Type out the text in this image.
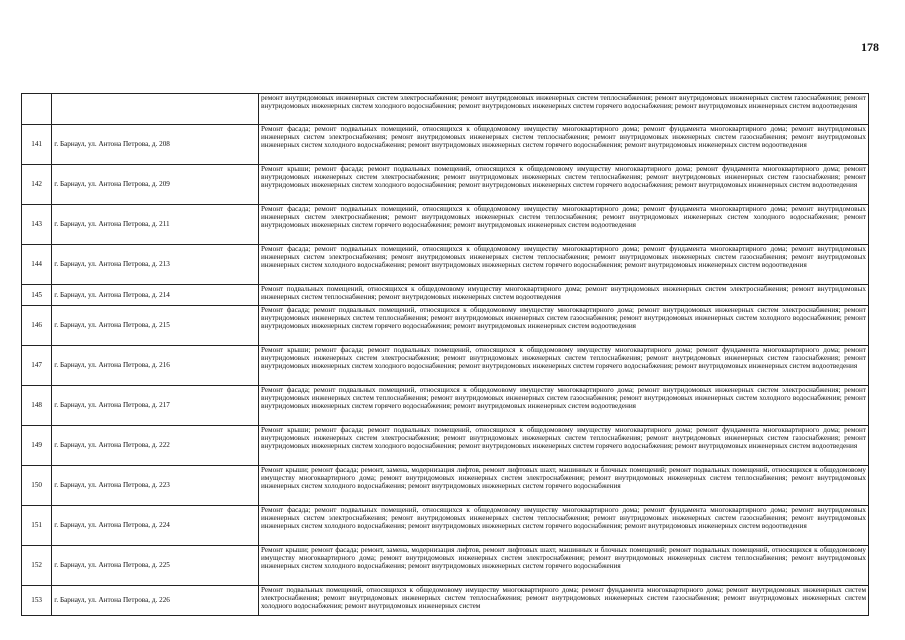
178
		ремонт внутридомовых инженерных систем электроснабжения; ремонт внутридомовых инженерных систем теплоснабжения; ремонт внутридомовых инженерных систем газоснабжения; ремонт внутридомовых инженерных систем холодного водоснабжения; ремонт внутридомовых инженерных систем горячего водоснабжения; ремонт внутридомовых инженерных систем водоотведения
141	г. Барнаул, ул. Антона Петрова, д. 208	Ремонт фасада; ремонт подвальных помещений, относящихся к общедомовому имуществу многоквартирного дома; ремонт фундамента многоквартирного дома; ремонт внутридомовых инженерных систем электроснабжения; ремонт внутридомовых инженерных систем теплоснабжения; ремонт внутридомовых инженерных систем газоснабжения; ремонт внутридомовых инженерных систем холодного водоснабжения; ремонт внутридомовых инженерных систем горячего водоснабжения; ремонт внутридомовых инженерных систем водоотведения
142	г. Барнаул, ул. Антона Петрова, д. 209	Ремонт крыши; ремонт фасада; ремонт подвальных помещений, относящихся к общедомовому имуществу многоквартирного дома; ремонт фундамента многоквартирного дома; ремонт внутридомовых инженерных систем электроснабжения; ремонт внутридомовых инженерных систем теплоснабжения; ремонт внутридомовых инженерных систем газоснабжения; ремонт внутридомовых инженерных систем холодного водоснабжения; ремонт внутридомовых инженерных систем горячего водоснабжения; ремонт внутридомовых инженерных систем водоотведения
143	г. Барнаул, ул. Антона Петрова, д. 211	Ремонт фасада; ремонт подвальных помещений, относящихся к общедомовому имуществу многоквартирного дома; ремонт фундамента многоквартирного дома; ремонт внутридомовых инженерных систем электроснабжения; ремонт внутридомовых инженерных систем теплоснабжения; ремонт внутридомовых инженерных систем холодного водоснабжения; ремонт внутридомовых инженерных систем горячего водоснабжения; ремонт внутридомовых инженерных систем водоотведения
144	г. Барнаул, ул. Антона Петрова, д. 213	Ремонт фасада; ремонт подвальных помещений, относящихся к общедомовому имуществу многоквартирного дома; ремонт фундамента многоквартирного дома; ремонт внутридомовых инженерных систем электроснабжения; ремонт внутридомовых инженерных систем теплоснабжения; ремонт внутридомовых инженерных систем газоснабжения; ремонт внутридомовых инженерных систем холодного водоснабжения; ремонт внутридомовых инженерных систем горячего водоснабжения; ремонт внутридомовых инженерных систем водоотведения
145	г. Барнаул, ул. Антона Петрова, д. 214	Ремонт подвальных помещений, относящихся к общедомовому имуществу многоквартирного дома; ремонт внутридомовых инженерных систем электроснабжения; ремонт внутридомовых инженерных систем теплоснабжения; ремонт внутридомовых инженерных систем водоотведения
146	г. Барнаул, ул. Антона Петрова, д. 215	Ремонт фасада; ремонт подвальных помещений, относящихся к общедомовому имуществу многоквартирного дома; ремонт внутридомовых инженерных систем электроснабжения; ремонт внутридомовых инженерных систем теплоснабжения; ремонт внутридомовых инженерных систем газоснабжения; ремонт внутридомовых инженерных систем холодного водоснабжения; ремонт внутридомовых инженерных систем горячего водоснабжения; ремонт внутридомовых инженерных систем водоотведения
147	г. Барнаул, ул. Антона Петрова, д. 216	Ремонт крыши; ремонт фасада; ремонт подвальных помещений, относящихся к общедомовому имуществу многоквартирного дома; ремонт фундамента многоквартирного дома; ремонт внутридомовых инженерных систем электроснабжения; ремонт внутридомовых инженерных систем теплоснабжения; ремонт внутридомовых инженерных систем газоснабжения; ремонт внутридомовых инженерных систем холодного водоснабжения; ремонт внутридомовых инженерных систем горячего водоснабжения; ремонт внутридомовых инженерных систем водоотведения
148	г. Барнаул, ул. Антона Петрова, д. 217	Ремонт фасада; ремонт подвальных помещений, относящихся к общедомовому имуществу многоквартирного дома; ремонт внутридомовых инженерных систем электроснабжения; ремонт внутридомовых инженерных систем теплоснабжения; ремонт внутридомовых инженерных систем газоснабжения; ремонт внутридомовых инженерных систем холодного водоснабжения; ремонт внутридомовых инженерных систем горячего водоснабжения; ремонт внутридомовых инженерных систем водоотведения
149	г. Барнаул, ул. Антона Петрова, д. 222	Ремонт крыши; ремонт фасада; ремонт подвальных помещений, относящихся к общедомовому имуществу многоквартирного дома; ремонт фундамента многоквартирного дома; ремонт внутридомовых инженерных систем электроснабжения; ремонт внутридомовых инженерных систем теплоснабжения; ремонт внутридомовых инженерных систем газоснабжения; ремонт внутридомовых инженерных систем холодного водоснабжения; ремонт внутридомовых инженерных систем горячего водоснабжения; ремонт внутридомовых инженерных систем водоотведения
150	г. Барнаул, ул. Антона Петрова, д. 223	Ремонт крыши; ремонт фасада; ремонт, замена, модернизация лифтов, ремонт лифтовых шахт, машинных и блочных помещений; ремонт подвальных помещений, относящихся к общедомовому имуществу многоквартирного дома; ремонт внутридомовых инженерных систем электроснабжения; ремонт внутридомовых инженерных систем теплоснабжения; ремонт внутридомовых инженерных систем холодного водоснабжения; ремонт внутридомовых инженерных систем горячего водоснабжения
151	г. Барнаул, ул. Антона Петрова, д. 224	Ремонт фасада; ремонт подвальных помещений, относящихся к общедомовому имуществу многоквартирного дома; ремонт фундамента многоквартирного дома; ремонт внутридомовых инженерных систем электроснабжения; ремонт внутридомовых инженерных систем теплоснабжения; ремонт внутридомовых инженерных систем газоснабжения; ремонт внутридомовых инженерных систем холодного водоснабжения; ремонт внутридомовых инженерных систем горячего водоснабжения; ремонт внутридомовых инженерных систем водоотведения
152	г. Барнаул, ул. Антона Петрова, д. 225	Ремонт крыши; ремонт фасада; ремонт, замена, модернизация лифтов, ремонт лифтовых шахт, машинных и блочных помещений; ремонт подвальных помещений, относящихся к общедомовому имуществу многоквартирного дома; ремонт внутридомовых инженерных систем электроснабжения; ремонт внутридомовых инженерных систем теплоснабжения; ремонт внутридомовых инженерных систем холодного водоснабжения; ремонт внутридомовых инженерных систем горячего водоснабжения
153	г. Барнаул, ул. Антона Петрова, д. 226	Ремонт подвальных помещений, относящихся к общедомовому имуществу многоквартирного дома; ремонт фундамента многоквартирного дома; ремонт внутридомовых инженерных систем электроснабжения; ремонт внутридомовых инженерных систем теплоснабжения; ремонт внутридомовых инженерных систем газоснабжения; ремонт внутридомовых инженерных систем холодного водоснабжения; ремонт внутридомовых инженерных систем
